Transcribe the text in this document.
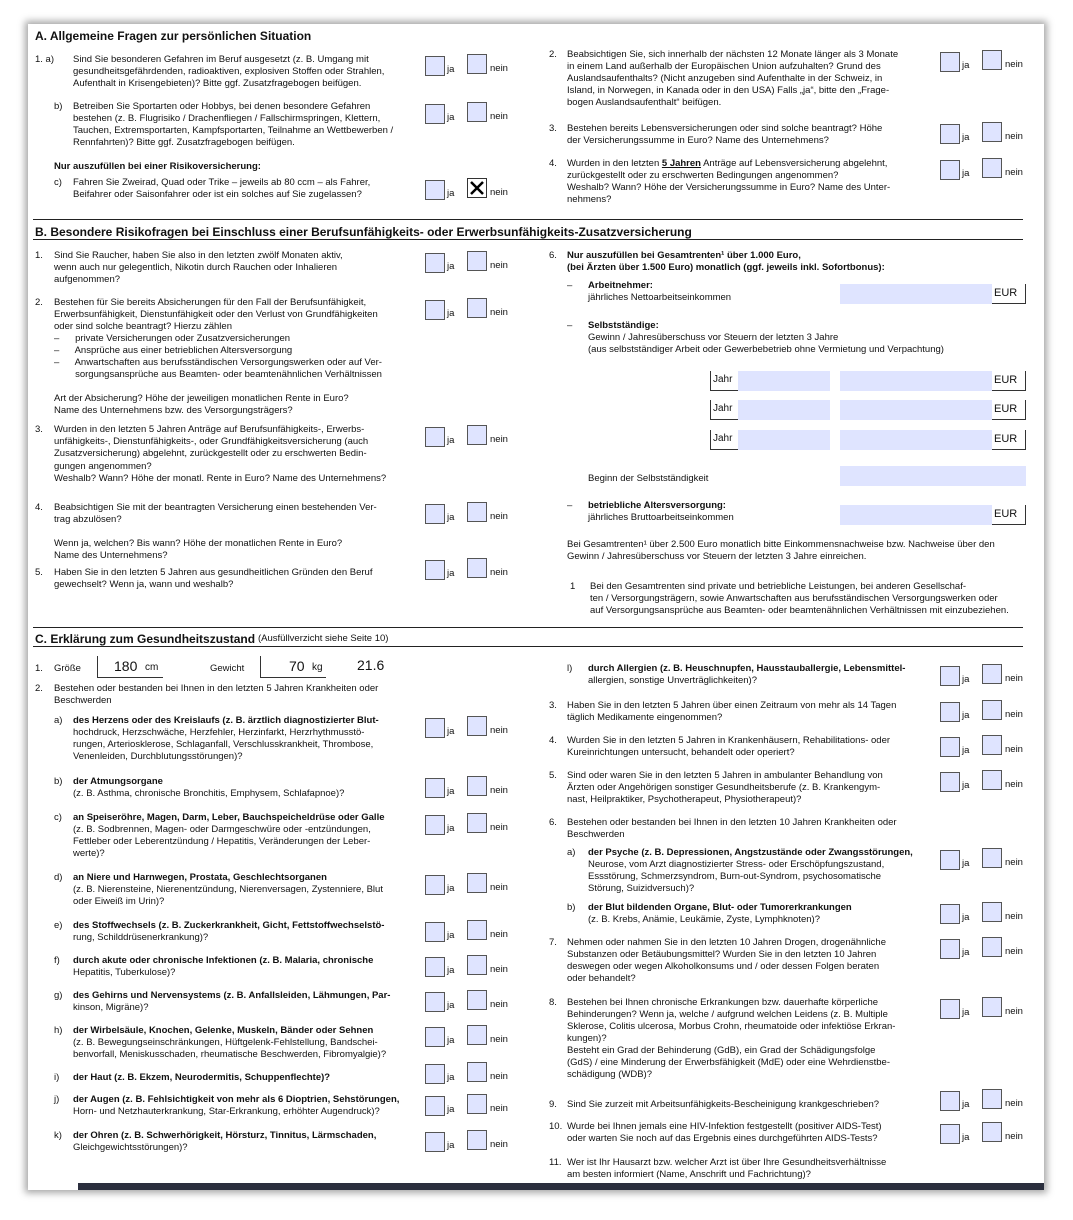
A. Allgemeine Fragen zur persönlichen Situation
B. Besondere Risikofragen bei Einschluss einer Berufsunfähigkeits- oder Erwerbsunfähigkeits-Zusatzversicherung
C. Erklärung zum Gesundheitszustand (Ausfüllverzicht siehe Seite 10)
1. a) Sind Sie besonderen Gefahren im Beruf ausgesetzt (z. B. Umgang mit
gesundheitsgefährdenden, radioaktiven, explosiven Stoffen oder Strahlen,
Aufenthalt in Krisengebieten)? Bitte ggf. Zusatzfragebogen beifügen.
ja	nein
b) Betreiben Sie Sportarten oder Hobbys, bei denen besondere Gefahren
bestehen (z. B. Flugrisiko / Drachenfliegen / Fallschirmspringen, Klettern,
Tauchen, Extremsportarten, Kampfsportarten, Teilnahme an Wettbewerben /
Rennfahrten)? Bitte ggf. Zusatzfragebogen beifügen.
ja	nein
Nur auszufüllen bei einer Risikoversicherung:
c) Fahren Sie Zweirad, Quad oder Trike – jeweils ab 80 ccm – als Fahrer,
Beifahrer oder Saisonfahrer oder ist ein solches auf Sie zugelassen?	ja	nein
2. Beabsichtigen Sie, sich innerhalb der nächsten 12 Monate länger als 3 Monate
in einem Land außerhalb der Europäischen Union aufzuhalten? Grund des
Auslandsaufenthalts? (Nicht anzugeben sind Aufenthalte in der Schweiz, in
Island, in Norwegen, in Kanada oder in den USA) Falls „ja“, bitte den „Frage-
bogen Auslandsaufenthalt“ beifügen.
ja	nein
3. Bestehen bereits Lebensversicherungen oder sind solche beantragt? Höhe
der Versicherungssumme in Euro? Name des Unternehmens?	ja	nein
4. Wurden in den letzten 5 Jahren Anträge auf Lebensversicherung abgelehnt,
zurückgestellt oder zu erschwerten Bedingungen angenommen?
Weshalb? Wann? Höhe der Versicherungssumme in Euro? Name des Unter-
nehmens?
ja	nein
1. Sind Sie Raucher, haben Sie also in den letzten zwölf Monaten aktiv,
wenn auch nur gelegentlich, Nikotin durch Rauchen oder Inhalieren
aufgenommen?
ja	nein
2. Bestehen für Sie bereits Absicherungen für den Fall der Berufsunfähigkeit,
Erwerbsunfähigkeit, Dienstunfähigkeit oder den Verlust von Grundfähigkeiten
oder sind solche beantragt? Hierzu zählen
–      private Versicherungen oder Zusatzversicherungen
–      Ansprüche aus einer betrieblichen Altersversorgung
–      Anwartschaften aus berufsständischen Versorgungswerken oder auf Ver-
sorgungsansprüche aus Beamten- oder beamtenähnlichen Verhältnissen
Art der Absicherung? Höhe der jeweiligen monatlichen Rente in Euro?
Name des Unternehmens bzw. des Versorgungsträgers?
ja	nein
3. Wurden in den letzten 5 Jahren Anträge auf Berufsunfähigkeits-, Erwerbs-
unfähigkeits-, Dienstunfähigkeits-, oder Grundfähigkeitsversicherung (auch
Zusatzversicherung) abgelehnt, zurückgestellt oder zu erschwerten Bedin-
gungen angenommen?
Weshalb? Wann? Höhe der monatl. Rente in Euro? Name des Unternehmens?
ja	nein
4. Beabsichtigen Sie mit der beantragten Versicherung einen bestehenden Ver-
trag abzulösen?
Wenn ja, welchen? Bis wann? Höhe der monatlichen Rente in Euro?
Name des Unternehmens?
ja	nein
5. Haben Sie in den letzten 5 Jahren aus gesundheitlichen Gründen den Beruf
gewechselt? Wenn ja, wann und weshalb?
ja	nein
6. Nur auszufüllen bei Gesamtrenten¹ über 1.000 Euro,
(bei Ärzten über 1.500 Euro) monatlich (ggf. jeweils inkl. Sofortbonus):
– Arbeitnehmer:
jährliches Nettoarbeitseinkommen	EUR
– Selbstständige:
Gewinn / Jahresüberschuss vor Steuern der letzten 3 Jahre
(aus selbstständiger Arbeit oder Gewerbebetrieb ohne Vermietung und Verpachtung)
Jahr	EUR
Jahr	EUR
Jahr	EUR
Beginn der Selbstständigkeit
– betriebliche Altersversorgung:
jährliches Bruttoarbeitseinkommen	EUR
Bei Gesamtrenten¹ über 2.500 Euro monatlich bitte Einkommensnachweise bzw. Nachweise über den
Gewinn / Jahresüberschuss vor Steuern der letzten 3 Jahre einreichen.
1 Bei den Gesamtrenten sind private und betriebliche Leistungen, bei anderen Gesellschaf-
ten / Versorgungsträgern, sowie Anwartschaften aus berufsständischen Versorgungswerken oder
auf Versorgungsansprüche aus Beamten- oder beamtenähnlichen Verhältnissen mit einzubeziehen.
1. Größe 180 cm	Gewicht	70 kg 21.6
2. Bestehen oder bestanden bei Ihnen in den letzten 5 Jahren Krankheiten oder
Beschwerden
a) des Herzens oder des Kreislaufs (z. B. ärztlich diagnostizierter Blut-
hochdruck, Herzschwäche, Herzfehler, Herzinfarkt, Herzrhythmusstö-
rungen, Arteriosklerose, Schlaganfall, Verschlusskrankheit, Thrombose,
Venenleiden, Durchblutungsstörungen)?
ja	nein
b) der Atmungsorgane
(z. B. Asthma, chronische Bronchitis, Emphysem, Schlafapnoe)?	ja	nein
c) an Speiseröhre, Magen, Darm, Leber, Bauchspeicheldrüse oder Galle
(z. B. Sodbrennen, Magen- oder Darmgeschwüre oder -entzündungen,
Fettleber oder Leberentzündung / Hepatitis, Veränderungen der Leber-
werte)?
ja	nein
d) an Niere und Harnwegen, Prostata, Geschlechtsorganen
(z. B. Nierensteine, Nierenentzündung, Nierenversagen, Zystenniere, Blut
oder Eiweiß im Urin)?
ja	nein
e) des Stoffwechsels (z. B. Zuckerkrankheit, Gicht, Fettstoffwechselstö-
rung, Schilddrüsenerkrankung)?	ja	nein
f) durch akute oder chronische Infektionen (z. B. Malaria, chronische
Hepatitis, Tuberkulose)?	ja	nein
g) des Gehirns und Nervensystems (z. B. Anfallsleiden, Lähmungen, Par-
kinson, Migräne)?	ja	nein
h) der Wirbelsäule, Knochen, Gelenke, Muskeln, Bänder oder Sehnen
(z. B. Bewegungseinschränkungen, Hüftgelenk-Fehlstellung, Bandschei-
benvorfall, Meniskusschaden, rheumatische Beschwerden, Fibromyalgie)?
ja	nein
i) der Haut (z. B. Ekzem, Neurodermitis, Schuppenflechte)?	ja	nein
j) der Augen (z. B. Fehlsichtigkeit von mehr als 6 Dioptrien, Sehstörungen,
Horn- und Netzhauterkrankung, Star-Erkrankung, erhöhter Augendruck)?	ja	nein
k) der Ohren (z. B. Schwerhörigkeit, Hörsturz, Tinnitus, Lärmschaden,
Gleichgewichtsstörungen)?	ja	nein
l) durch Allergien (z. B. Heuschnupfen, Hausstauballergie, Lebensmittel-
allergien, sonstige Unverträglichkeiten)?	ja	nein
3. Haben Sie in den letzten 5 Jahren über einen Zeitraum von mehr als 14 Tagen
täglich Medikamente eingenommen?	ja	nein
4. Wurden Sie in den letzten 5 Jahren in Krankenhäusern, Rehabilitations- oder
Kureinrichtungen untersucht, behandelt oder operiert?	ja	nein
5. Sind oder waren Sie in den letzten 5 Jahren in ambulanter Behandlung von
Ärzten oder Angehörigen sonstiger Gesundheitsberufe (z. B. Krankengym-
nast, Heilpraktiker, Psychotherapeut, Physiotherapeut)?
ja	nein
6. Bestehen oder bestanden bei Ihnen in den letzten 10 Jahren Krankheiten oder
Beschwerden
a) der Psyche (z. B. Depressionen, Angstzustände oder Zwangsstörungen,
Neurose, vom Arzt diagnostizierter Stress- oder Erschöpfungszustand,
Essstörung, Schmerzsyndrom, Burn-out-Syndrom, psychosomatische
Störung, Suizidversuch)?
ja	nein
b) der Blut bildenden Organe, Blut- oder Tumorerkrankungen
(z. B. Krebs, Anämie, Leukämie, Zyste, Lymphknoten)?	ja	nein
7. Nehmen oder nahmen Sie in den letzten 10 Jahren Drogen, drogenähnliche
Substanzen oder Betäubungsmittel? Wurden Sie in den letzten 10 Jahren
deswegen oder wegen Alkoholkonsums und / oder dessen Folgen beraten
oder behandelt?
ja	nein
8. Bestehen bei Ihnen chronische Erkrankungen bzw. dauerhafte körperliche
Behinderungen? Wenn ja, welche / aufgrund welchen Leidens (z. B. Multiple
Sklerose, Colitis ulcerosa, Morbus Crohn, rheumatoide oder infektiöse Erkran-
kungen)?
Besteht ein Grad der Behinderung (GdB), ein Grad der Schädigungsfolge
(GdS) / eine Minderung der Erwerbsfähigkeit (MdE) oder eine Wehrdienstbe-
schädigung (WDB)?
ja	nein
9. Sind Sie zurzeit mit Arbeitsunfähigkeits-Bescheinigung krankgeschrieben?	ja	nein
10. Wurde bei Ihnen jemals eine HIV-Infektion festgestellt (positiver AIDS-Test)
oder warten Sie noch auf das Ergebnis eines durchgeführten AIDS-Tests?	ja	nein
11. Wer ist Ihr Hausarzt bzw. welcher Arzt ist über Ihre Gesundheitsverhältnisse
am besten informiert (Name, Anschrift und Fachrichtung)?
